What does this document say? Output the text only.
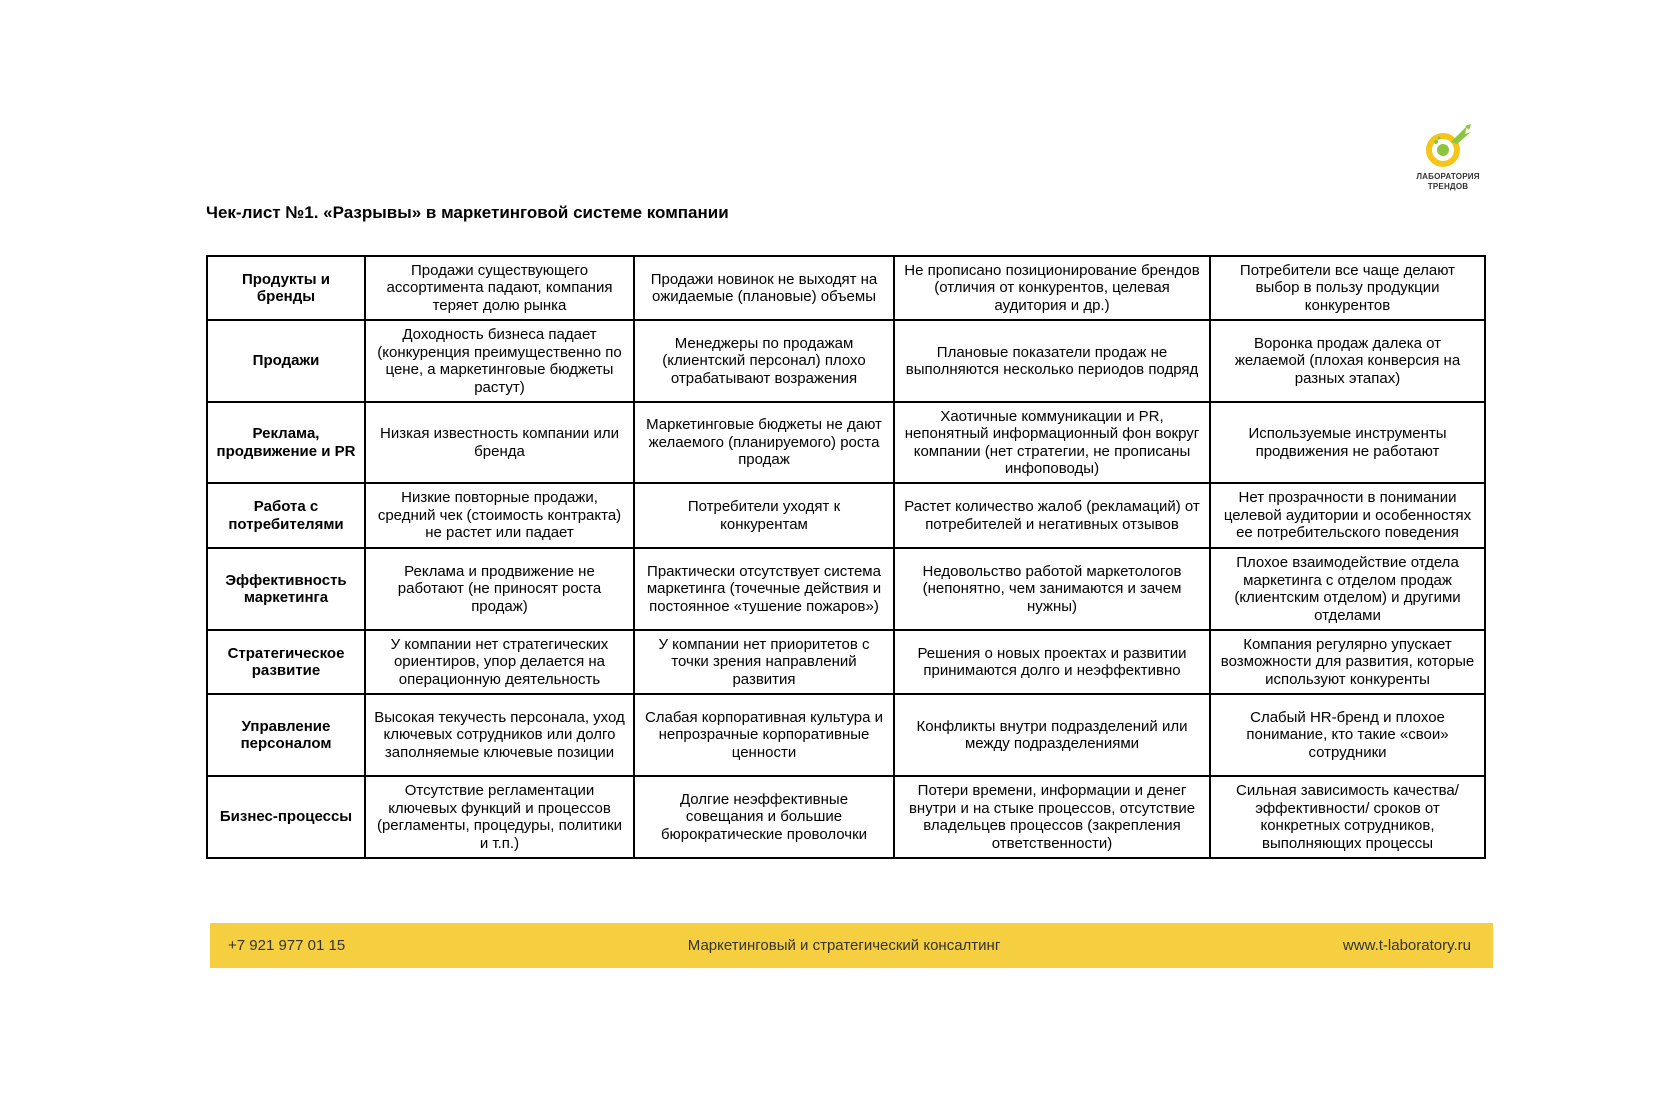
ЛАБОРАТОРИЯ
ТРЕНДОВ
Чек-лист №1. «Разрывы» в маркетинговой системе компании
Продукты и бренды	Продажи существующего ассортимента падают, компания теряет долю рынка	Продажи новинок не выходят на ожидаемые (плановые) объемы	Не прописано позиционирование брендов (отличия от конкурентов, целевая аудитория и др.)	Потребители все чаще делают выбор в пользу продукции конкурентов
Продажи	Доходность бизнеса падает (конкуренция преимущественно по цене, а маркетинговые бюджеты растут)	Менеджеры по продажам (клиентский персонал) плохо отрабатывают возражения	Плановые показатели продаж не выполняются несколько периодов подряд	Воронка продаж далека от желаемой (плохая конверсия на разных этапах)
Реклама, продвижение и PR	Низкая известность компании или бренда	Маркетинговые бюджеты не дают желаемого (планируемого) роста продаж	Хаотичные коммуникации и PR, непонятный информационный фон вокруг компании (нет стратегии, не прописаны инфоповоды)	Используемые инструменты продвижения не работают
Работа с потребителями	Низкие повторные продажи, средний чек (стоимость контракта) не растет или падает	Потребители уходят к конкурентам	Растет количество жалоб (рекламаций) от потребителей и негативных отзывов	Нет прозрачности в понимании целевой аудитории и особенностях ее потребительского поведения
Эффективность маркетинга	Реклама и продвижение не работают (не приносят роста продаж)	Практически отсутствует система маркетинга (точечные действия и постоянное «тушение пожаров»)	Недовольство работой маркетологов (непонятно, чем занимаются и зачем нужны)	Плохое взаимодействие отдела маркетинга с отделом продаж (клиентским отделом) и другими отделами
Стратегическое развитие	У компании нет стратегических ориентиров, упор делается на операционную деятельность	У компании нет приоритетов с точки зрения направлений развития	Решения о новых проектах и развитии принимаются долго и неэффективно	Компания регулярно упускает возможности для развития, которые используют конкуренты
Управление персоналом	Высокая текучесть персонала, уход ключевых сотрудников или долго заполняемые ключевые позиции	Слабая корпоративная культура и непрозрачные корпоративные ценности	Конфликты внутри подразделений или между подразделениями	Слабый HR-бренд и плохое понимание, кто такие «свои» сотрудники
Бизнес-процессы	Отсутствие регламентации ключевых функций и процессов (регламенты, процедуры, политики и т.п.)	Долгие неэффективные совещания и большие бюрократические проволочки	Потери времени, информации и денег внутри и на стыке процессов, отсутствие владельцев процессов (закрепления ответственности)	Сильная зависимость качества/ эффективности/ сроков от конкретных сотрудников, выполняющих процессы
+7 921 977 01 15	Маркетинговый и стратегический консалтинг	www.t-laboratory.ru
